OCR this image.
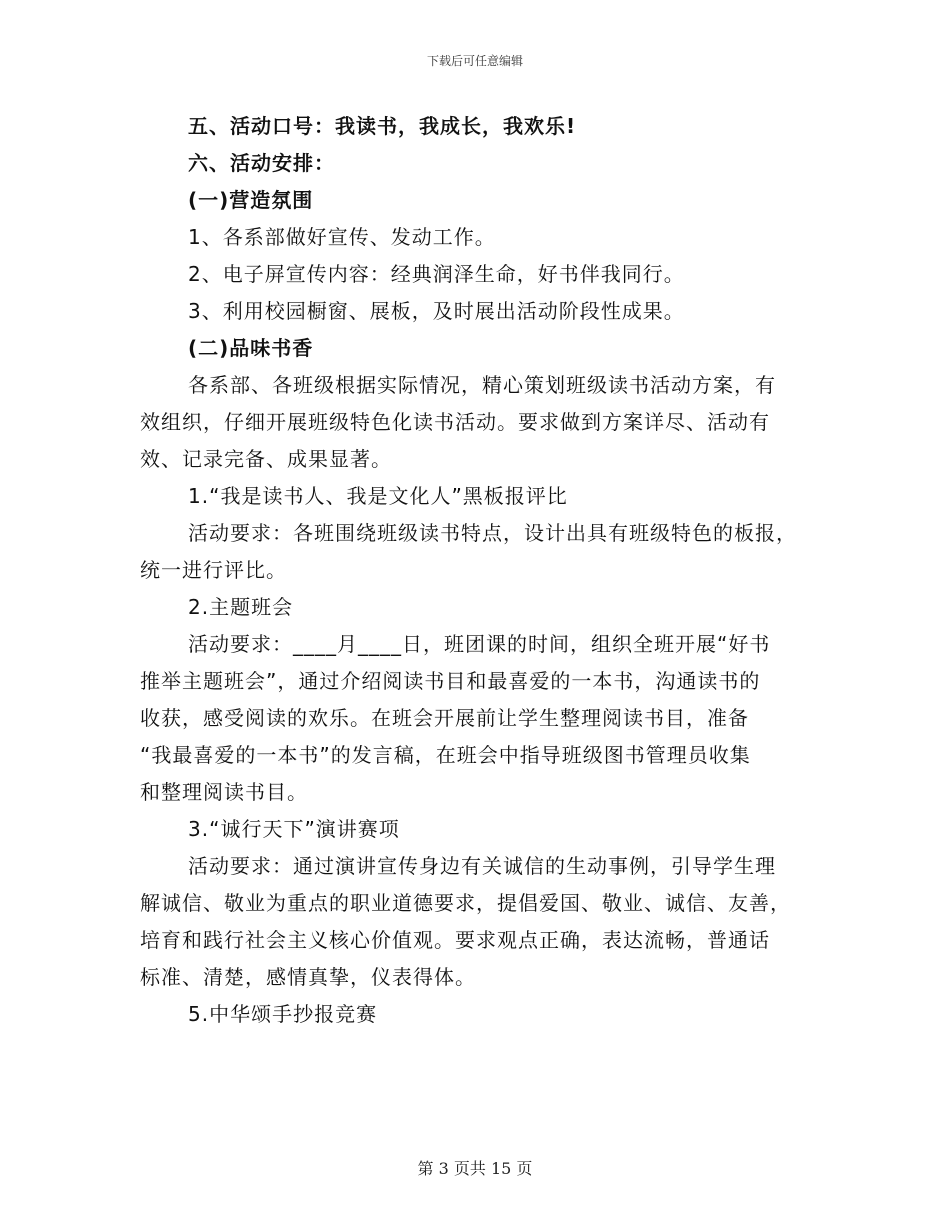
下载后可任意编辑

五、活动口号：我读书，我成长，我欢乐!

六、活动安排：

(一)营造氛围

1、各系部做好宣传、发动工作。

2、电子屏宣传内容：经典润泽生命，好书伴我同行。

3、利用校园橱窗、展板，及时展出活动阶段性成果。

(二)品味书香

各系部、各班级根据实际情况，精心策划班级读书活动方案，有

效组织，仔细开展班级特色化读书活动。要求做到方案详尽、活动有

效、记录完备、成果显著。

1.“我是读书人、我是文化人”黑板报评比

活动要求：各班围绕班级读书特点，设计出具有班级特色的板报，

统一进行评比。

2.主题班会

活动要求：____月____日，班团课的时间，组织全班开展“好书

推举主题班会”，通过介绍阅读书目和最喜爱的一本书，沟通读书的

收获，感受阅读的欢乐。在班会开展前让学生整理阅读书目，准备

“我最喜爱的一本书”的发言稿，在班会中指导班级图书管理员收集

和整理阅读书目。

3.“诚行天下”演讲赛项

活动要求：通过演讲宣传身边有关诚信的生动事例，引导学生理

解诚信、敬业为重点的职业道德要求，提倡爱国、敬业、诚信、友善，

培育和践行社会主义核心价值观。要求观点正确，表达流畅，普通话

标准、清楚，感情真挚，仪表得体。

5.中华颂手抄报竞赛

第 3 页共 15 页
